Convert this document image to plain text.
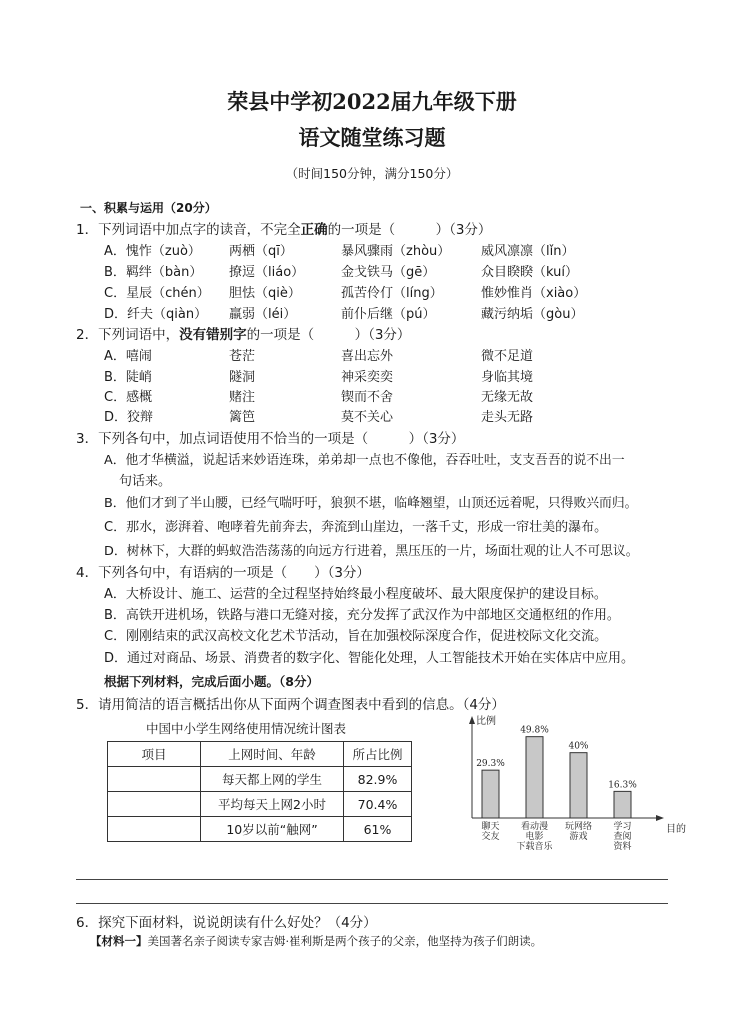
荣县中学初2022届九年级下册
语文随堂练习题
（时间150分钟，满分150分）
一、积累与运用（20分）
1．下列词语中加点字的读音，不完全正确的一项是（　　　）（3分）
A．愧怍（zuò） 两栖（qī）	暴风骤雨（zhòu） 威风凛凛（lǐn）
B．羁绊（bàn） 撩逗（liáo）	金戈铁马（gē）	众目睽睽（kuí）
C．星辰（chén） 胆怯（qiè）	孤苦伶仃（líng）	惟妙惟肖（xiào）
D．纤夫（qiàn） 羸弱（léi）	前仆后继（pú）	藏污纳垢（gòu）
2．下列词语中，没有错别字的一项是（　　　）（3分）
A．嘻闹	苍茫	喜出忘外	微不足道
B．陡峭	隧洞	神采奕奕	身临其境
C．感概	赌注	锲而不舍	无缘无故
D．狡辩	篱笆	莫不关心	走头无路
3．下列各句中，加点词语使用不恰当的一项是（　　　）（3分）
A．他才华横溢，说起话来妙语连珠，弟弟却一点也不像他，吞吞吐吐，支支吾吾的说不出一
句话来。
B．他们才到了半山腰，已经气喘吁吁，狼狈不堪，临峰翘望，山顶还远着呢，只得败兴而归。
C．那水，澎湃着、咆哮着先前奔去，奔流到山崖边，一落千丈，形成一帘壮美的瀑布。
D．树林下，大群的蚂蚁浩浩荡荡的向远方行进着，黑压压的一片，场面壮观的让人不可思议。
4．下列各句中，有语病的一项是（　　）（3分）
A．大桥设计、施工、运营的全过程坚持始终最小程度破坏、最大限度保护的建设目标。
B．高铁开进机场，铁路与港口无缝对接，充分发挥了武汉作为中部地区交通枢纽的作用。
C．刚刚结束的武汉高校文化艺术节活动，旨在加强校际深度合作，促进校际文化交流。
D．通过对商品、场景、消费者的数字化、智能化处理，人工智能技术开始在实体店中应用。
根据下列材料，完成后面小题。（8分）
5．请用简洁的语言概括出你从下面两个调查图表中看到的信息。（4分）
中国中小学生网络使用情况统计图表
项目	上网时间、年龄	所占比例
	每天都上网的学生	82.9%
	平均每天上网2小时	70.4%
	10岁以前“触网”	61%
比例
目的
29.3%
聊天交友
49.8%
看动漫电影下载音乐
40%
玩网络游戏
16.3%
学习查阅资料
6．探究下面材料，说说朗读有什么好处？（4分）
【材料一】美国著名亲子阅读专家吉姆·崔利斯是两个孩子的父亲，他坚持为孩子们朗读。
